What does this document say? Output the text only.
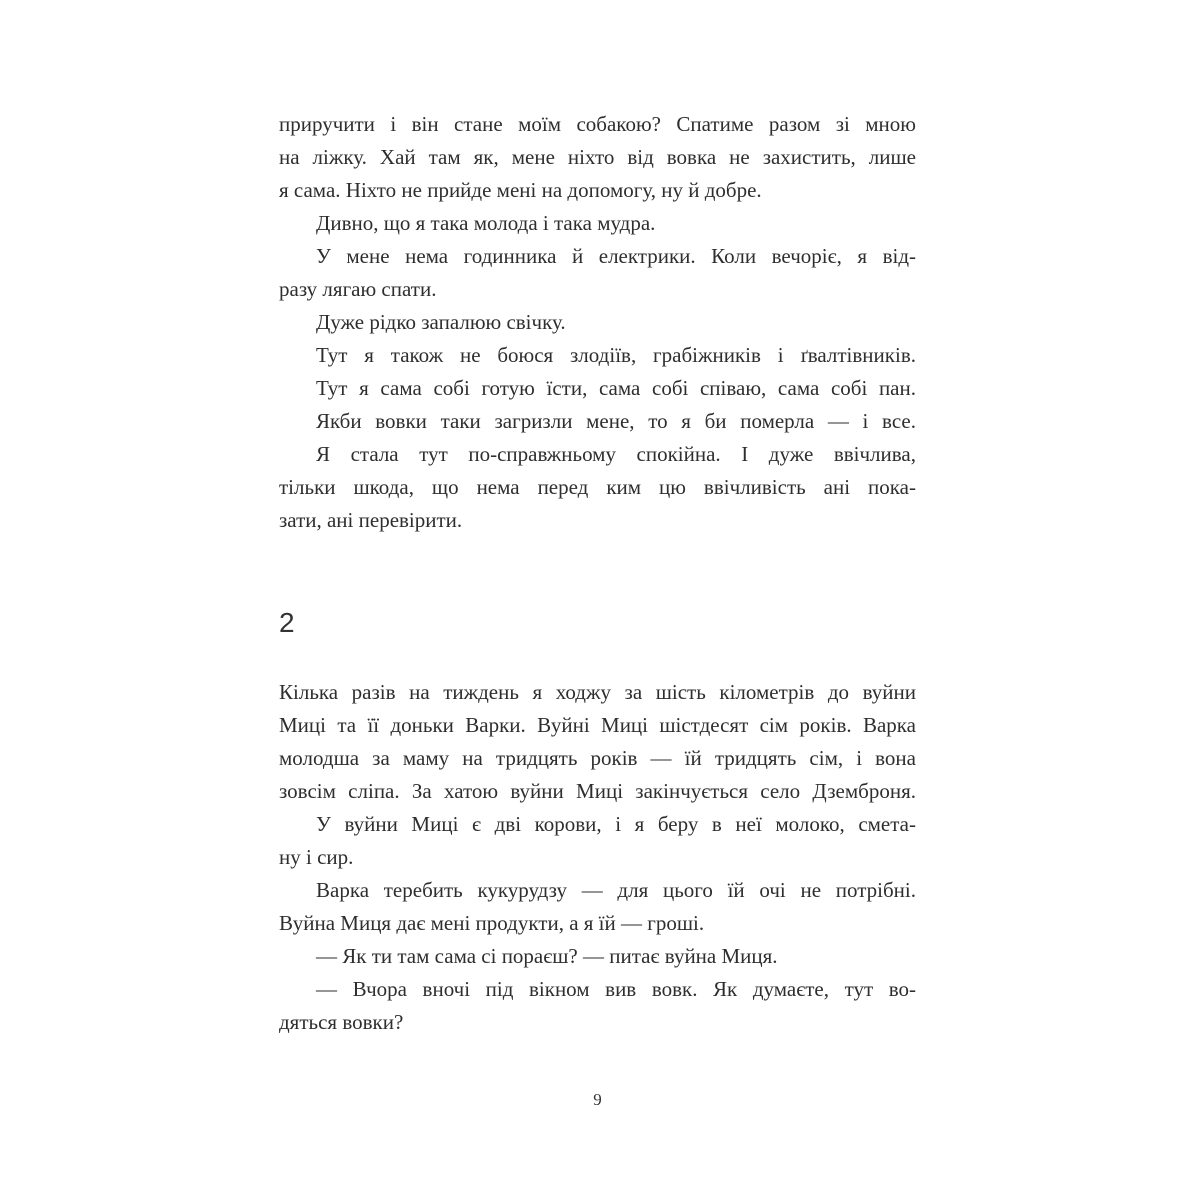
приручити і він стане моїм собакою? Спатиме разом зі мною
на ліжку. Хай там як, мене ніхто від вовка не захистить, лише
я сама. Ніхто не прийде мені на допомогу, ну й добре.
Дивно, що я така молода і така мудра.
У мене нема годинника й електрики. Коли вечоріє, я від-
разу лягаю спати.
Дуже рідко запалюю свічку.
Тут я також не боюся злодіїв, грабіжників і ґвалтівників.
Тут я сама собі готую їсти, сама собі співаю, сама собі пан.
Якби вовки таки загризли мене, то я би померла — і все.
Я стала тут по-справжньому спокійна. І дуже ввічлива,
тільки шкода, що нема перед ким цю ввічливість ані пока-
зати, ані перевірити.
2
Кілька разів на тиждень я ходжу за шість кілометрів до вуйни
Миці та її доньки Варки. Вуйні Миці шістдесят сім років. Варка
молодша за маму на тридцять років — їй тридцять сім, і вона
зовсім сліпа. За хатою вуйни Миці закінчується село Дземброня.
У вуйни Миці є дві корови, і я беру в неї молоко, смета-
ну і сир.
Варка теребить кукурудзу — для цього їй очі не потрібні.
Вуйна Миця дає мені продукти, а я їй — гроші.
— Як ти там сама сі пораєш? — питає вуйна Миця.
— Вчора вночі під вікном вив вовк. Як думаєте, тут во-
дяться вовки?
9
